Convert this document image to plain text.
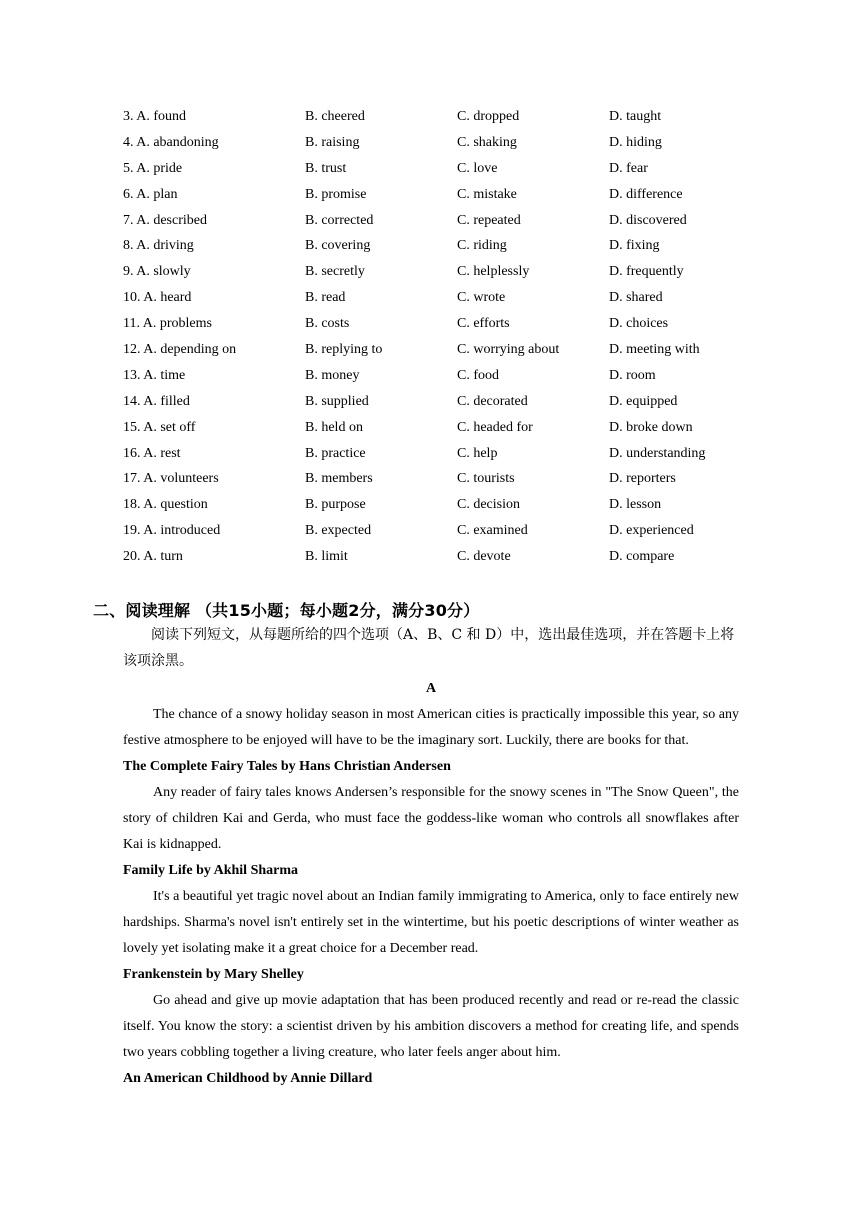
3. A. found	B. cheered	C. dropped	D. taught
4. A. abandoning	B. raising	C. shaking	D. hiding
5. A. pride	B. trust	C. love	D. fear
6. A. plan	B. promise	C. mistake	D. difference
7. A. described	B. corrected	C. repeated	D. discovered
8. A. driving	B. covering	C. riding	D. fixing
9. A. slowly	B. secretly	C. helplessly	D. frequently
10. A. heard	B. read	C. wrote	D. shared
11. A. problems	B. costs	C. efforts	D. choices
12. A. depending on	B. replying to	C. worrying about	D. meeting with
13. A. time	B. money	C. food	D. room
14. A. filled	B. supplied	C. decorated	D. equipped
15. A. set off	B. held on	C. headed for	D. broke down
16. A. rest	B. practice	C. help	D. understanding
17. A. volunteers	B. members	C. tourists	D. reporters
18. A. question	B. purpose	C. decision	D. lesson
19. A. introduced	B. expected	C. examined	D. experienced
20. A. turn	B. limit	C. devote	D. compare
二、阅读理解 （共15小题；每小题2分，满分30分）
阅读下列短文，从每题所给的四个选项（A、B、C 和 D）中，选出最佳选项，并在答题卡上将该项涂黑。
A

The chance of a snowy holiday season in most American cities is practically impossible this year, so any festive atmosphere to be enjoyed will have to be the imaginary sort. Luckily, there are books for that.

The Complete Fairy Tales by Hans Christian Andersen

Any reader of fairy tales knows Andersen’s responsible for the snowy scenes in "The Snow Queen", the story of children Kai and Gerda, who must face the goddess-like woman who controls all snowflakes after Kai is kidnapped.

Family Life by Akhil Sharma

It's a beautiful yet tragic novel about an Indian family immigrating to America, only to face entirely new hardships. Sharma's novel isn't entirely set in the wintertime, but his poetic descriptions of winter weather as lovely yet isolating make it a great choice for a December read.

Frankenstein by Mary Shelley

Go ahead and give up movie adaptation that has been produced recently and read or re-read the classic itself. You know the story: a scientist driven by his ambition discovers a method for creating life, and spends two years cobbling together a living creature, who later feels anger about him.

An American Childhood by Annie Dillard
